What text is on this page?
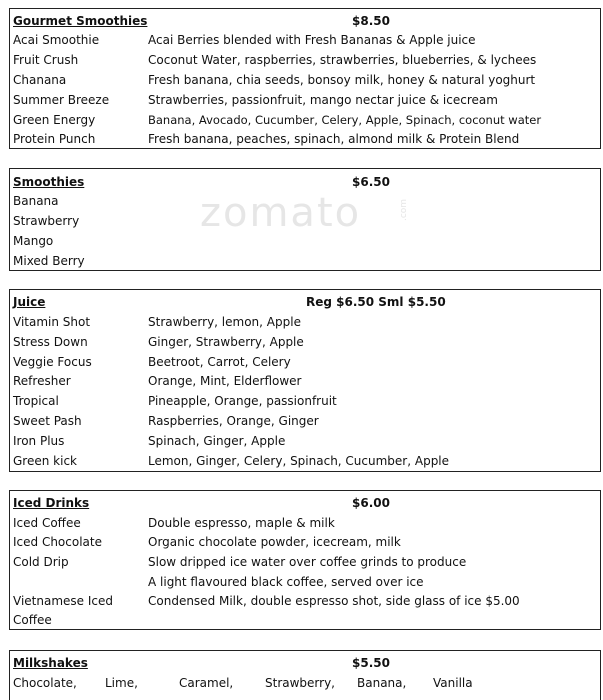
zomato	.com
Gourmet Smoothies	$8.50
Acai Smoothie	Acai Berries blended with Fresh Bananas & Apple juice
Fruit Crush	Coconut Water, raspberries, strawberries, blueberries, & lychees
Chanana	Fresh banana, chia seeds, bonsoy milk, honey & natural yoghurt
Summer Breeze	Strawberries, passionfruit, mango nectar juice & icecream
Green Energy	Banana, Avocado, Cucumber, Celery, Apple, Spinach, coconut water
Protein Punch	Fresh banana, peaches, spinach, almond milk & Protein Blend
Smoothies	$6.50
Banana
Strawberry
Mango
Mixed Berry
Juice	Reg $6.50 Sml $5.50
Vitamin Shot	Strawberry, lemon, Apple
Stress Down	Ginger, Strawberry, Apple
Veggie Focus	Beetroot, Carrot, Celery
Refresher	Orange, Mint, Elderflower
Tropical	Pineapple, Orange, passionfruit
Sweet Pash	Raspberries, Orange, Ginger
Iron Plus	Spinach, Ginger, Apple
Green kick	Lemon, Ginger, Celery, Spinach, Cucumber, Apple
Iced Drinks	$6.00
Iced Coffee	Double espresso, maple & milk
Iced Chocolate	Organic chocolate powder, icecream, milk
Cold Drip	Slow dripped ice water over coffee grinds to produce
A light flavoured black coffee, served over ice
Vietnamese Iced	Condensed Milk, double espresso shot, side glass of ice $5.00
Coffee
Milkshakes	$5.50
Chocolate, Lime,	Caramel,	Strawberry, Banana, Vanilla
